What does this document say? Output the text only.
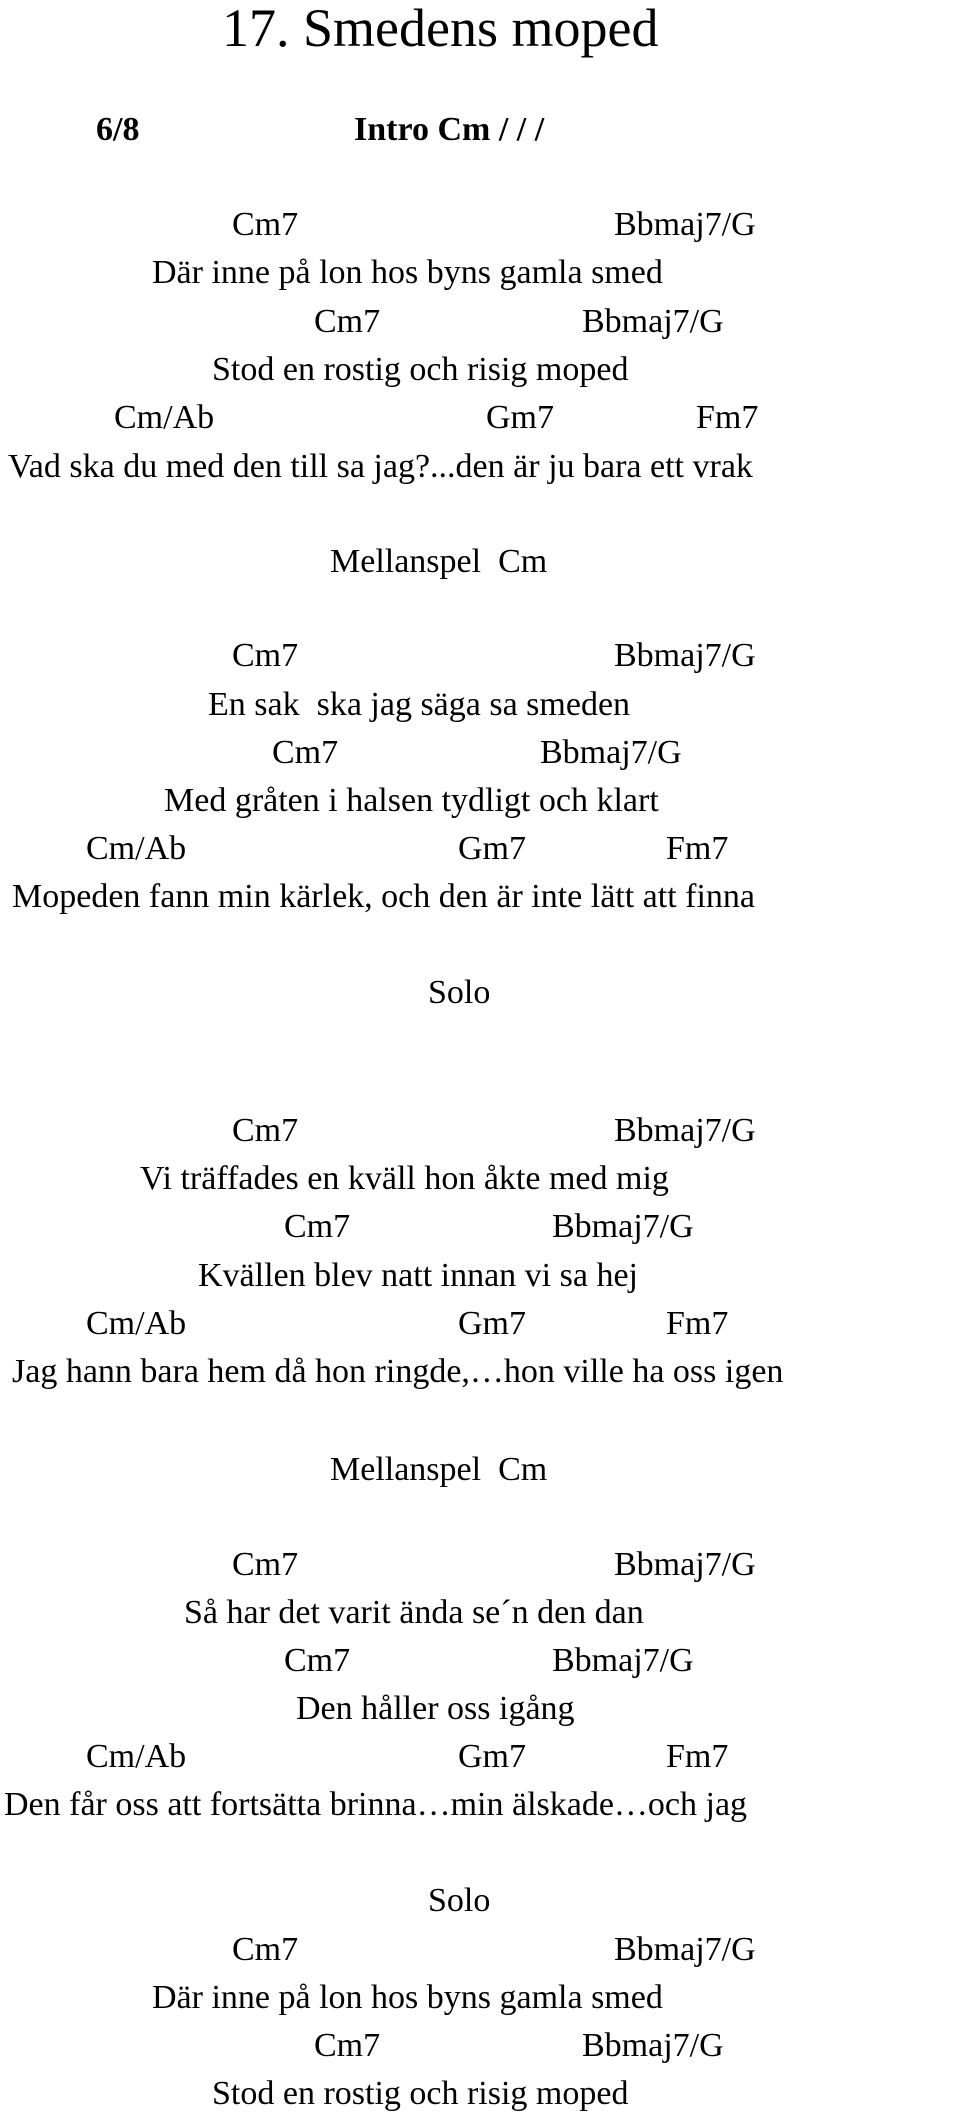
17. Smedens moped
6/8	Intro Cm / / /
Cm7	Bbmaj7/G
Där inne på lon hos byns gamla smed
Cm7	Bbmaj7/G
Stod en rostig och risig moped
Cm/Ab	Gm7	Fm7
Vad ska du med den till sa jag?...den är ju bara ett vrak
Mellanspel  Cm
Cm7	Bbmaj7/G
En sak  ska jag säga sa smeden
Cm7	Bbmaj7/G
Med gråten i halsen tydligt och klart
Cm/Ab	Gm7	Fm7
Mopeden fann min kärlek, och den är inte lätt att finna
Solo
Cm7	Bbmaj7/G
Vi träffades en kväll hon åkte med mig
Cm7	Bbmaj7/G
Kvällen blev natt innan vi sa hej
Cm/Ab	Gm7	Fm7
Jag hann bara hem då hon ringde,…hon ville ha oss igen
Mellanspel  Cm
Cm7	Bbmaj7/G
Så har det varit ända se´n den dan
Cm7	Bbmaj7/G
Den håller oss igång
Cm/Ab	Gm7	Fm7
Den får oss att fortsätta brinna…min älskade…och jag
Solo
Cm7	Bbmaj7/G
Där inne på lon hos byns gamla smed
Cm7	Bbmaj7/G
Stod en rostig och risig moped
